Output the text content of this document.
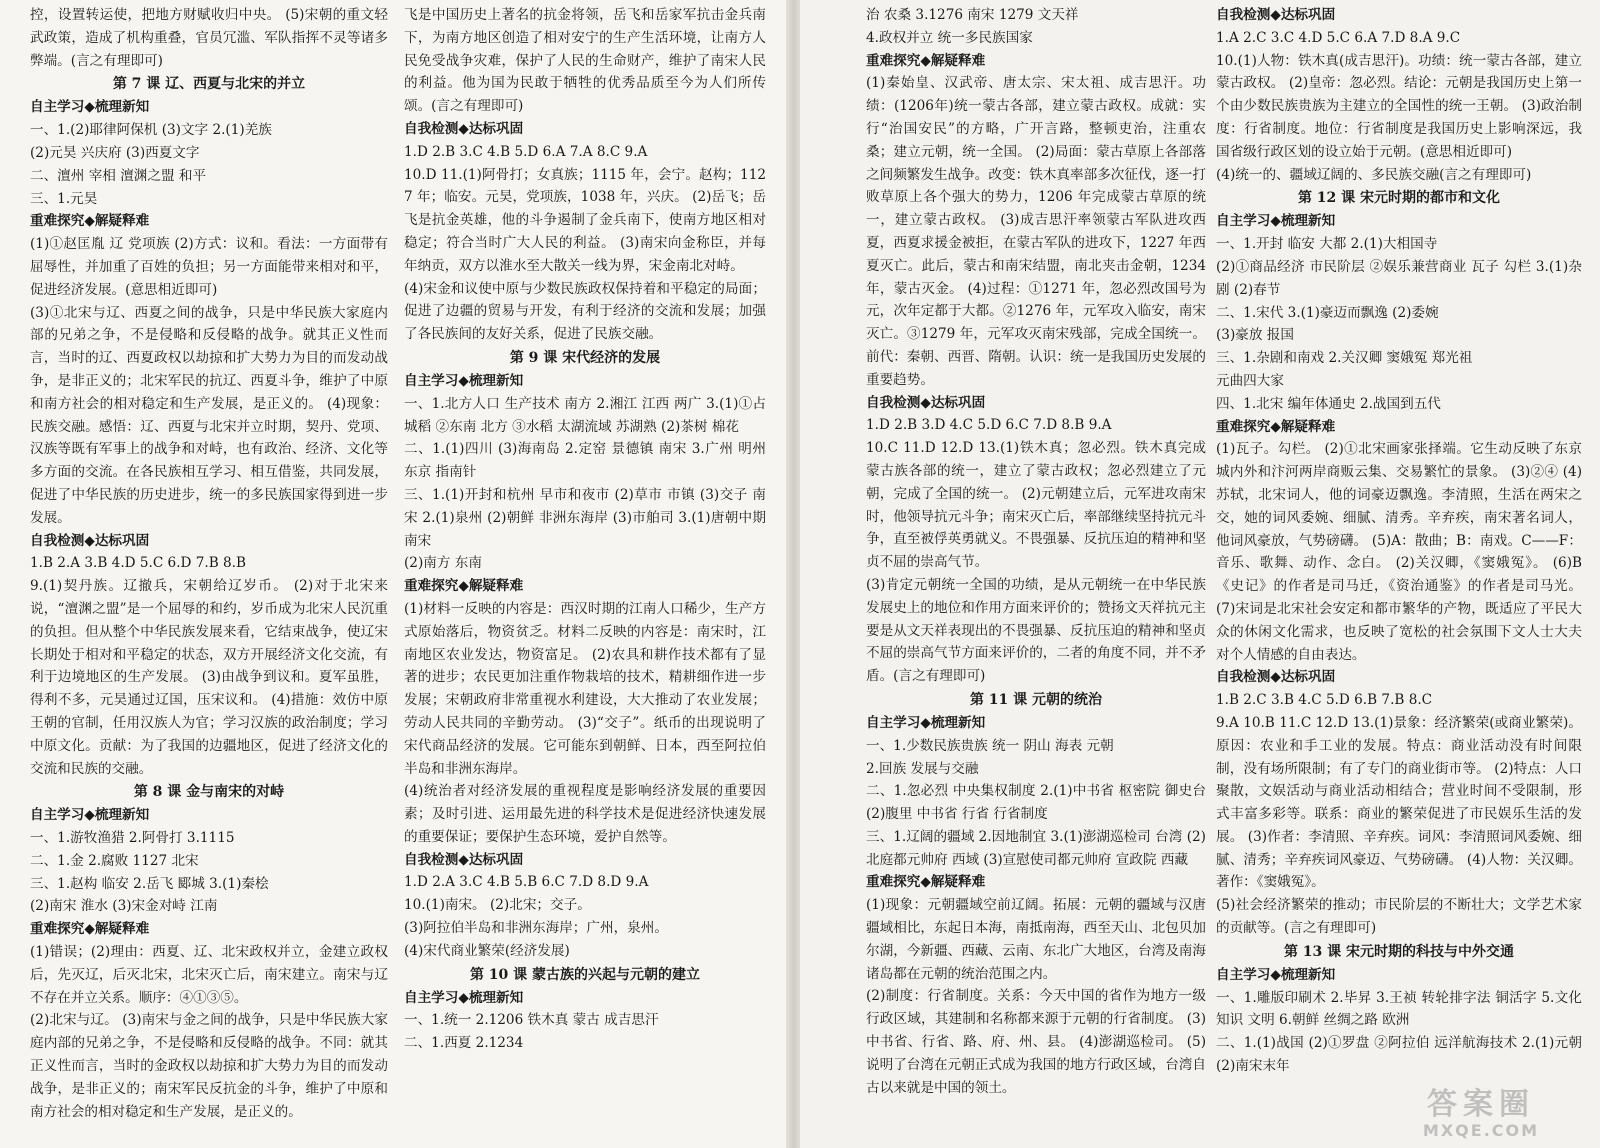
控，设置转运使，把地方财赋收归中央。 (5)宋朝的重文轻武政策，造成了机构重叠，官员冗滥、军队指挥不灵等诸多弊端。(言之有理即可)

第 7 课 辽、西夏与北宋的并立
自主学习◆梳理新知

一、1.(2)耶律阿保机 (3)文字 2.(1)羌族

(2)元昊 兴庆府 (3)西夏文字

二、澶州 宰相 澶渊之盟 和平

三、1.元昊

重难探究◆解疑释难

(1)①赵匡胤 辽 党项族 (2)方式：议和。看法：一方面带有屈辱性，并加重了百姓的负担；另一方面能带来相对和平，促进经济发展。(意思相近即可)

(3)①北宋与辽、西夏之间的战争，只是中华民族大家庭内部的兄弟之争，不是侵略和反侵略的战争。就其正义性而言，当时的辽、西夏政权以劫掠和扩大势力为目的而发动战争，是非正义的；北宋军民的抗辽、西夏斗争，维护了中原和南方社会的相对稳定和生产发展，是正义的。 (4)现象：民族交融。感悟：辽、西夏与北宋并立时期，契丹、党项、汉族等既有军事上的战争和对峙，也有政治、经济、文化等多方面的交流。在各民族相互学习、相互借鉴，共同发展，促进了中华民族的历史进步，统一的多民族国家得到进一步发展。

自我检测◆达标巩固

1.B 2.A 3.B 4.D 5.C 6.D 7.B 8.B

9.(1)契丹族。辽撤兵，宋朝给辽岁币。 (2)对于北宋来说，“澶渊之盟”是一个屈辱的和约，岁币成为北宋人民沉重的负担。但从整个中华民族发展来看，它结束战争，使辽宋长期处于相对和平稳定的状态，双方开展经济文化交流，有利于边境地区的生产发展。 (3)由战争到议和。夏军虽胜，得利不多，元昊通过辽国，压宋议和。 (4)措施：效仿中原王朝的官制，任用汉族人为官；学习汉族的政治制度；学习中原文化。贡献：为了我国的边疆地区，促进了经济文化的交流和民族的交融。

第 8 课 金与南宋的对峙
自主学习◆梳理新知

一、1.游牧渔猎 2.阿骨打 3.1115

二、1.金 2.腐败 1127 北宋

三、1.赵构 临安 2.岳飞 郾城 3.(1)秦桧

(2)南宋 淮水 (3)宋金对峙 江南

重难探究◆解疑释难

(1)错误；(2)理由：西夏、辽、北宋政权并立，金建立政权后，先灭辽，后灭北宋，北宋灭亡后，南宋建立。南宋与辽不存在并立关系。顺序：④①③⑤。

(2)北宋与辽。 (3)南宋与金之间的战争，只是中华民族大家庭内部的兄弟之争，不是侵略和反侵略的战争。不同：就其正义性而言，当时的金政权以劫掠和扩大势力为目的而发动战争，是非正义的；南宋军民反抗金的斗争，维护了中原和南方社会的相对稳定和生产发展，是正义的。

飞是中国历史上著名的抗金将领，岳飞和岳家军抗击金兵南下，为南方地区创造了相对安宁的生产生活环境，让南方人民免受战争灾难，保护了人民的生命财产，维护了南宋人民的利益。他为国为民敢于牺牲的优秀品质至今为人们所传颂。(言之有理即可)

自我检测◆达标巩固

1.D 2.B 3.C 4.B 5.D 6.A 7.A 8.C 9.A

10.D 11.(1)阿骨打；女真族；1115 年，会宁。赵构；1127 年；临安。元昊，党项族，1038 年，兴庆。 (2)岳飞；岳飞是抗金英雄，他的斗争遏制了金兵南下，使南方地区相对稳定；符合当时广大人民的利益。 (3)南宋向金称臣，并每年纳贡，双方以淮水至大散关一线为界，宋金南北对峙。

(4)宋金和议使中原与少数民族政权保持着和平稳定的局面；促进了边疆的贸易与开发，有利于经济的交流和发展；加强了各民族间的友好关系，促进了民族交融。

第 9 课 宋代经济的发展
自主学习◆梳理新知

一、1.北方人口 生产技术 南方 2.湘江 江西 两广 3.(1)①占城稻 ②东南 北方 ③水稻 太湖流域 苏湖熟 (2)茶树 棉花

二、1.(1)四川 (3)海南岛 2.定窑 景德镇 南宋 3.广州 明州 东京 指南针

三、1.(1)开封和杭州 早市和夜市 (2)草市 市镇 (3)交子 南宋 2.(1)泉州 (2)朝鲜 非洲东海岸 (3)市舶司 3.(1)唐朝中期 南宋

(2)南方 东南

重难探究◆解疑释难

(1)材料一反映的内容是：西汉时期的江南人口稀少，生产方式原始落后，物资贫乏。材料二反映的内容是：南宋时，江南地区农业发达，物资富足。 (2)农具和耕作技术都有了显著的进步；农民更加注重作物栽培的技术，精耕细作进一步发展；宋朝政府非常重视水利建设，大大推动了农业发展；劳动人民共同的辛勤劳动。 (3)“交子”。纸币的出现说明了宋代商品经济的发展。它可能东到朝鲜、日本，西至阿拉伯半岛和非洲东海岸。

(4)统治者对经济发展的重视程度是影响经济发展的重要因素；及时引进、运用最先进的科学技术是促进经济快速发展的重要保证；要保护生态环境，爱护自然等。

自我检测◆达标巩固

1.D 2.A 3.C 4.B 5.B 6.C 7.D 8.D 9.A

10.(1)南宋。 (2)北宋；交子。

(3)阿拉伯半岛和非洲东海岸；广州，泉州。

(4)宋代商业繁荣(经济发展)

第 10 课 蒙古族的兴起与元朝的建立
自主学习◆梳理新知

一、1.统一 2.1206 铁木真 蒙古 成吉思汗

二、1.西夏 2.1234

治 农桑 3.1276 南宋 1279 文天祥

4.政权并立 统一多民族国家

重难探究◆解疑释难

(1)秦始皇、汉武帝、唐太宗、宋太祖、成吉思汗。功绩：(1206年)统一蒙古各部，建立蒙古政权。成就：实行“治国安民”的方略，广开言路，整顿吏治，注重农桑；建立元朝，统一全国。 (2)局面：蒙古草原上各部落之间频繁发生战争。改变：铁木真率部多次征伐，逐一打败草原上各个强大的势力，1206 年完成蒙古草原的统一，建立蒙古政权。 (3)成吉思汗率领蒙古军队进攻西夏，西夏求援金被拒，在蒙古军队的进攻下，1227 年西夏灭亡。此后，蒙古和南宋结盟，南北夹击金朝，1234 年，蒙古灭金。 (4)过程：①1271 年，忽必烈改国号为元，次年定都于大都。②1276 年，元军攻入临安，南宋灭亡。③1279 年，元军攻灭南宋残部，完成全国统一。前代：秦朝、西晋、隋朝。认识：统一是我国历史发展的重要趋势。

自我检测◆达标巩固

1.D 2.B 3.D 4.C 5.D 6.C 7.D 8.B 9.A

10.C 11.D 12.D 13.(1)铁木真；忽必烈。铁木真完成蒙古族各部的统一，建立了蒙古政权；忽必烈建立了元朝，完成了全国的统一。 (2)元朝建立后，元军进攻南宋时，他领导抗元斗争；南宋灭亡后，率部继续坚持抗元斗争，直至被俘英勇就义。不畏强暴、反抗压迫的精神和坚贞不屈的崇高气节。

(3)肯定元朝统一全国的功绩，是从元朝统一在中华民族发展史上的地位和作用方面来评价的；赞扬文天祥抗元主要是从文天祥表现出的不畏强暴、反抗压迫的精神和坚贞不屈的崇高气节方面来评价的，二者的角度不同，并不矛盾。(言之有理即可)

第 11 课 元朝的统治
自主学习◆梳理新知

一、1.少数民族贵族 统一 阴山 海表 元朝

2.回族 发展与交融

二、1.忽必烈 中央集权制度 2.(1)中书省 枢密院 御史台 (2)腹里 中书省 行省 行省制度

三、1.辽阔的疆域 2.因地制宜 3.(1)澎湖巡检司 台湾 (2)北庭都元帅府 西域 (3)宣慰使司都元帅府 宣政院 西藏

重难探究◆解疑释难

(1)现象：元朝疆域空前辽阔。拓展：元朝的疆域与汉唐疆域相比，东起日本海，南抵南海，西至天山、北包贝加尔湖，今新疆、西藏、云南、东北广大地区，台湾及南海诸岛都在元朝的统治范围之内。

(2)制度：行省制度。关系：今天中国的省作为地方一级行政区域，其建制和名称都来源于元朝的行省制度。 (3)中书省、行省、路、府、州、县。 (4)澎湖巡检司。 (5)说明了台湾在元朝正式成为我国的地方行政区域，台湾自古以来就是中国的领土。

自我检测◆达标巩固

1.A 2.C 3.C 4.D 5.C 6.A 7.D 8.A 9.C

10.(1)人物：铁木真(成吉思汗)。功绩：统一蒙古各部，建立蒙古政权。 (2)皇帝：忽必烈。结论：元朝是我国历史上第一个由少数民族贵族为主建立的全国性的统一王朝。 (3)政治制度：行省制度。地位：行省制度是我国历史上影响深远，我国省级行政区划的设立始于元朝。(意思相近即可)

(4)统一的、疆域辽阔的、多民族交融(言之有理即可)

第 12 课 宋元时期的都市和文化
自主学习◆梳理新知

一、1.开封 临安 大都 2.(1)大相国寺

(2)①商品经济 市民阶层 ②娱乐兼营商业 瓦子 勾栏 3.(1)杂剧 (2)春节

二、1.宋代 3.(1)豪迈而飘逸 (2)委婉

(3)豪放 报国

三、1.杂剧和南戏 2.关汉卿 窦娥冤 郑光祖

元曲四大家

四、1.北宋 编年体通史 2.战国到五代

重难探究◆解疑释难

(1)瓦子。勾栏。 (2)①北宋画家张择端。它生动反映了东京城内外和汴河两岸商贩云集、交易繁忙的景象。 (3)②④ (4)苏轼，北宋词人，他的词豪迈飘逸。李清照，生活在两宋之交，她的词风委婉、细腻、清秀。辛弃疾，南宋著名词人，他词风豪放，气势磅礴。 (5)A：散曲；B：南戏。C——F：音乐、歌舞、动作、念白。 (2)关汉卿，《窦娥冤》。 (6)B《史记》的作者是司马迁，《资治通鉴》的作者是司马光。 (7)宋词是北宋社会安定和都市繁华的产物，既适应了平民大众的休闲文化需求，也反映了宽松的社会氛围下文人士大夫对个人情感的自由表达。

自我检测◆达标巩固

1.B 2.C 3.B 4.C 5.D 6.B 7.B 8.C

9.A 10.B 11.C 12.D 13.(1)景象：经济繁荣(或商业繁荣)。原因：农业和手工业的发展。特点：商业活动没有时间限制，没有场所限制；有了专门的商业街市等。 (2)特点：人口聚散，文娱活动与商业活动相结合；营业时间不受限制，形式丰富多彩等。联系：商业的繁荣促进了市民娱乐生活的发展。 (3)作者：李清照、辛弃疾。词风：李清照词风委婉、细腻、清秀；辛弃疾词风豪迈、气势磅礴。 (4)人物：关汉卿。著作：《窦娥冤》。

(5)社会经济繁荣的推动；市民阶层的不断壮大；文学艺术家的贡献等。(言之有理即可)

第 13 课 宋元时期的科技与中外交通
自主学习◆梳理新知

一、1.雕版印刷术 2.毕昇 3.王祯 转轮排字法 铜活字 5.文化知识 文明 6.朝鲜 丝绸之路 欧洲

二、1.(1)战国 (2)①罗盘 ②阿拉伯 远洋航海技术 2.(1)元朝 (2)南宋末年

答案圈
MXQE.COM
